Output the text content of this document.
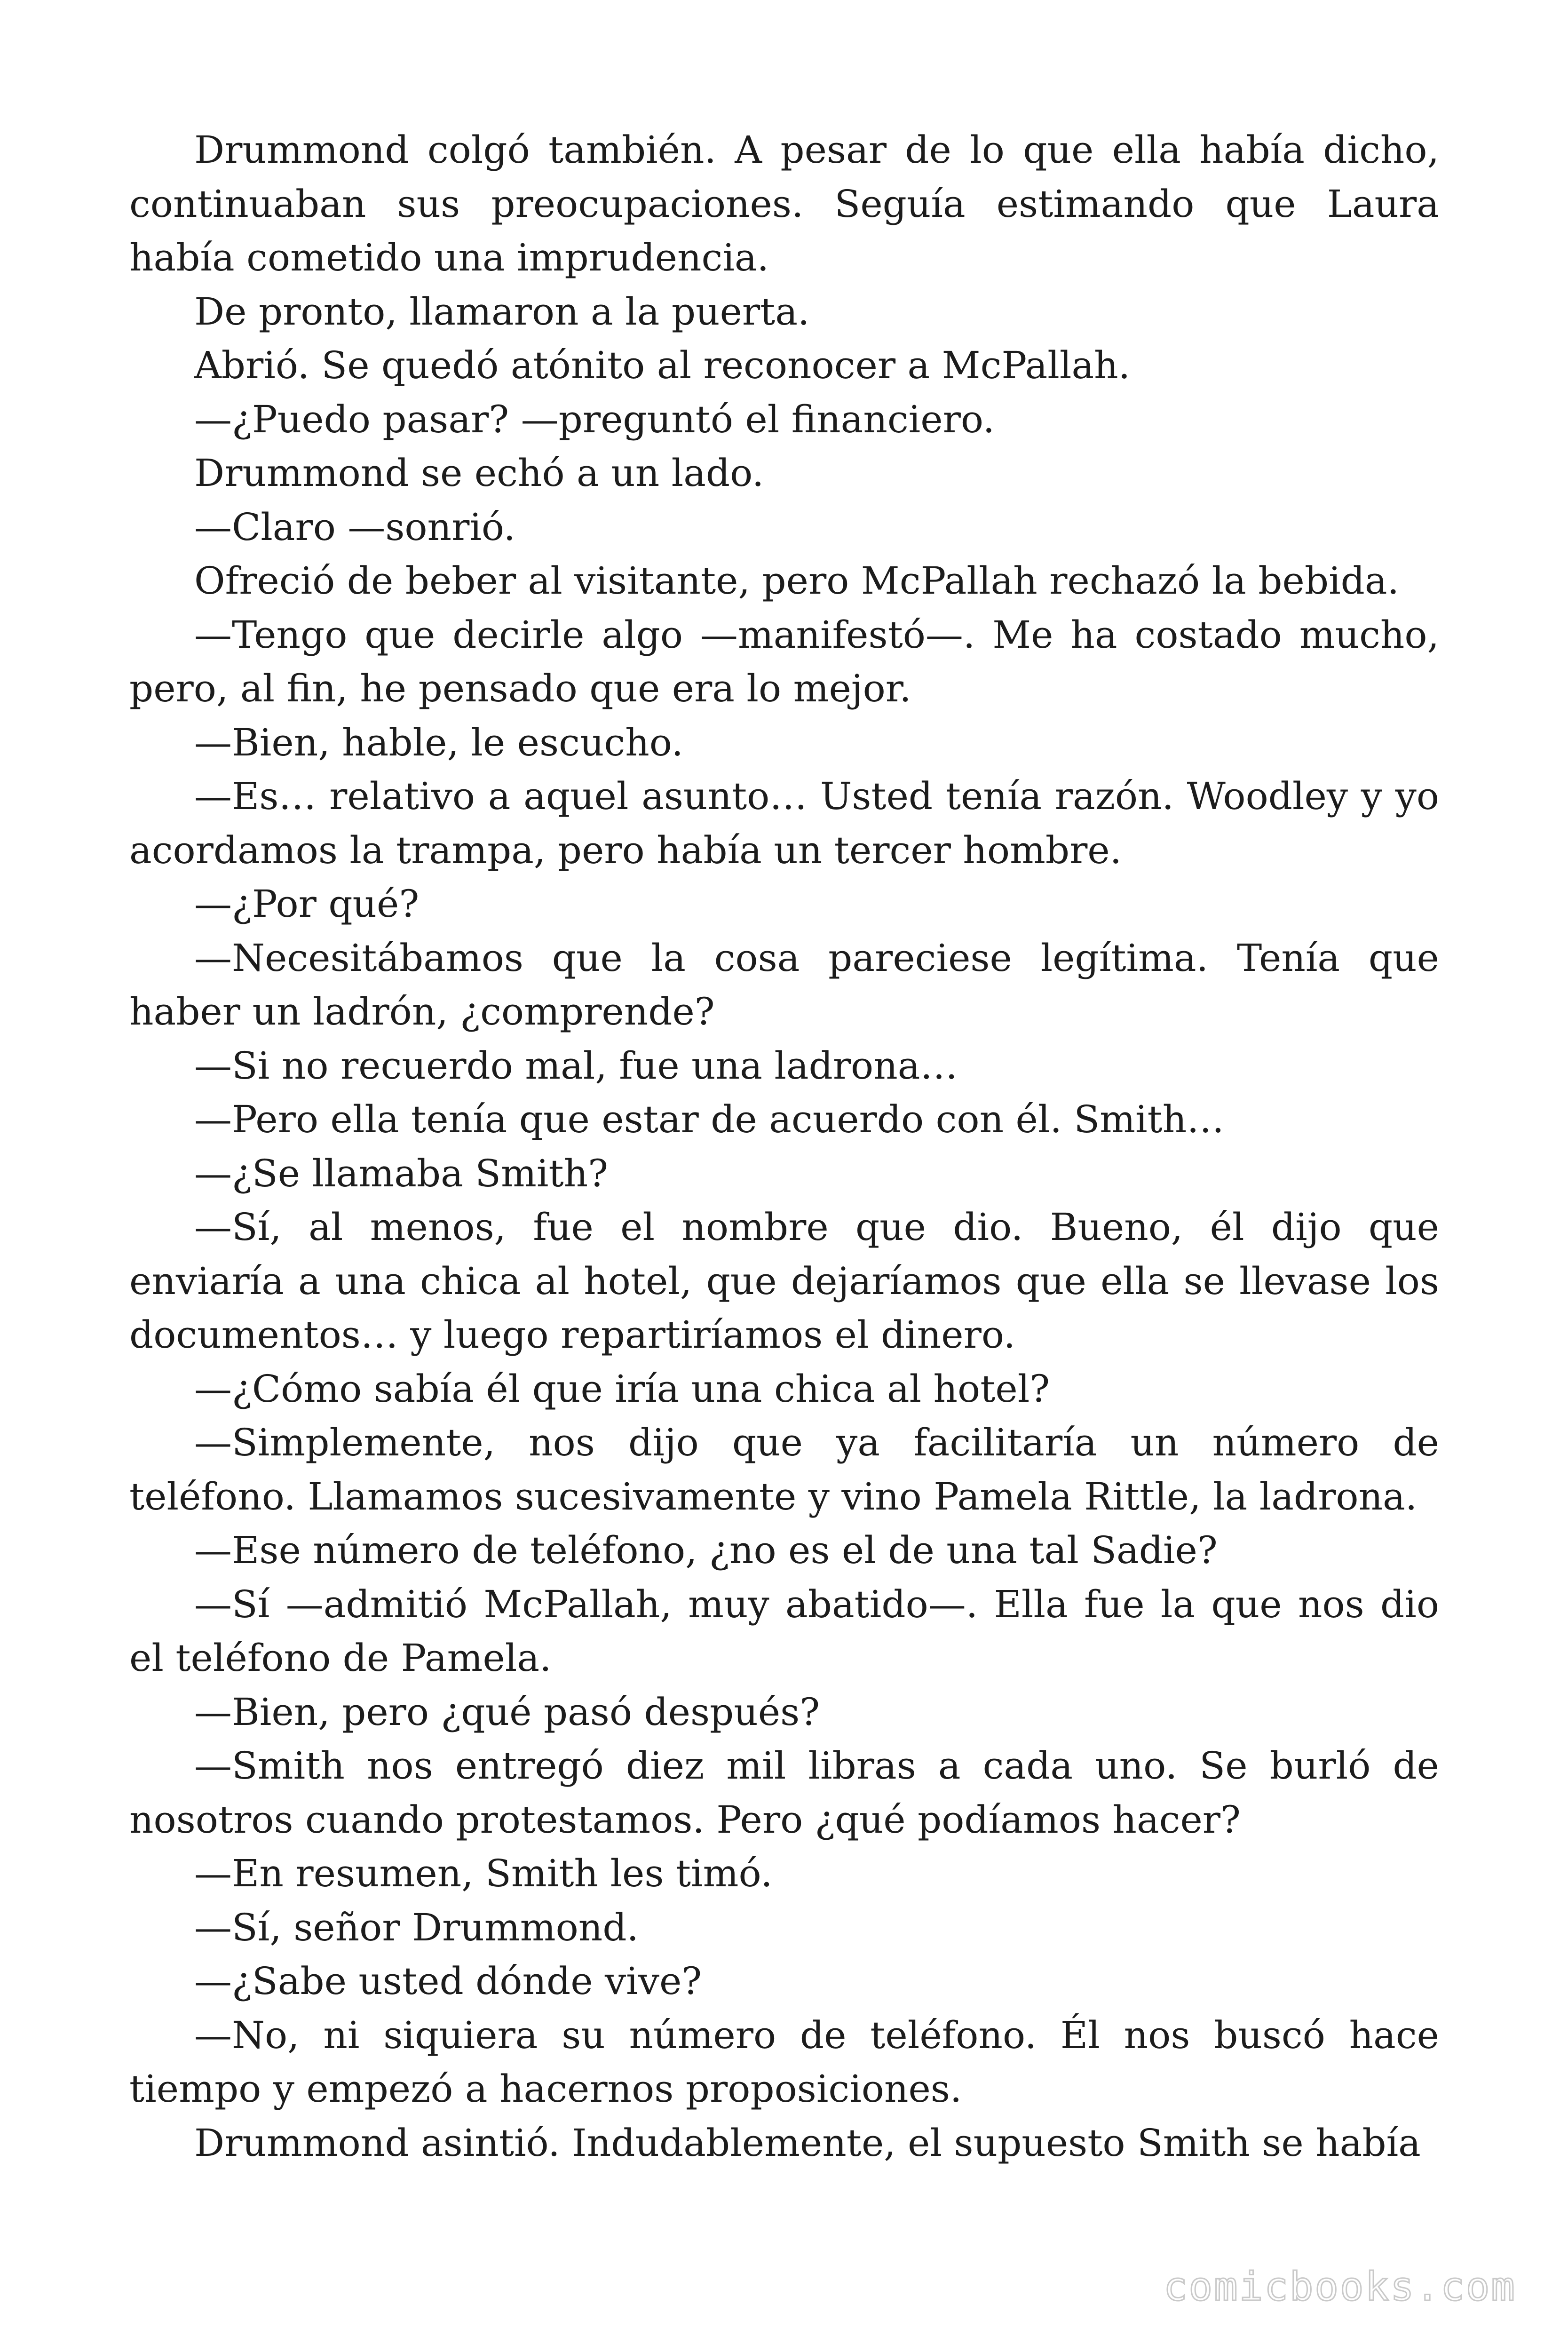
Drummond colgó también. A pesar de lo que ella había dicho, continuaban sus preocupaciones. Seguía estimando que Laura había cometido una imprudencia.

De pronto, llamaron a la puerta.

Abrió. Se quedó atónito al reconocer a McPallah.

—¿Puedo pasar? —preguntó el financiero.

Drummond se echó a un lado.

—Claro —sonrió.

Ofreció de beber al visitante, pero McPallah rechazó la bebida.

—Tengo que decirle algo —manifestó—. Me ha costado mucho, pero, al fin, he pensado que era lo mejor.

—Bien, hable, le escucho.

—Es… relativo a aquel asunto… Usted tenía razón. Woodley y yo acordamos la trampa, pero había un tercer hombre.

—¿Por qué?

—Necesitábamos que la cosa pareciese legítima. Tenía que haber un ladrón, ¿comprende?

—Si no recuerdo mal, fue una ladrona…

—Pero ella tenía que estar de acuerdo con él. Smith…

—¿Se llamaba Smith?

—Sí, al menos, fue el nombre que dio. Bueno, él dijo que enviaría a una chica al hotel, que dejaríamos que ella se llevase los documentos… y luego repartiríamos el dinero.

—¿Cómo sabía él que iría una chica al hotel?

—Simplemente, nos dijo que ya facilitaría un número de teléfono. Llamamos sucesivamente y vino Pamela Rittle, la ladrona.

—Ese número de teléfono, ¿no es el de una tal Sadie?

—Sí —admitió McPallah, muy abatido—. Ella fue la que nos dio el teléfono de Pamela.

—Bien, pero ¿qué pasó después?

—Smith nos entregó diez mil libras a cada uno. Se burló de nosotros cuando protestamos. Pero ¿qué podíamos hacer?

—En resumen, Smith les timó.

—Sí, señor Drummond.

—¿Sabe usted dónde vive?

—No, ni siquiera su número de teléfono. Él nos buscó hace tiempo y empezó a hacernos proposiciones.

Drummond asintió. Indudablemente, el supuesto Smith se había

comicbooks.com
